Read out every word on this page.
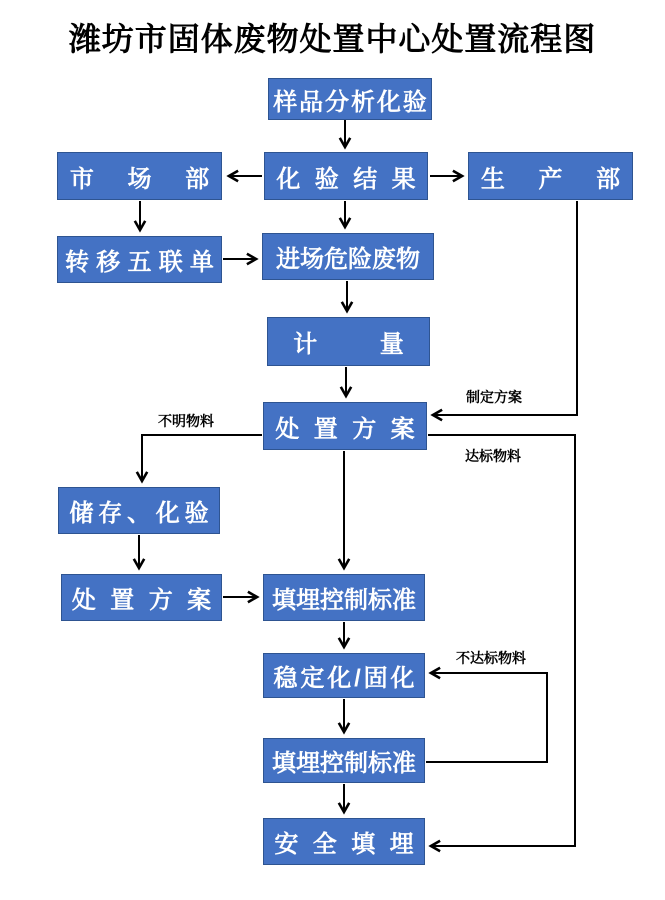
潍坊市固体废物处置中心处置流程图
样品分析化验
化验结果
市场部	生产部
转移五联单 进场危险废物
计量
处置方案
储存、化验
处置方案 填埋控制标准
稳定化/固化
填埋控制标准
安全填埋
制定方案
不明物料
达标物料
不达标物料
